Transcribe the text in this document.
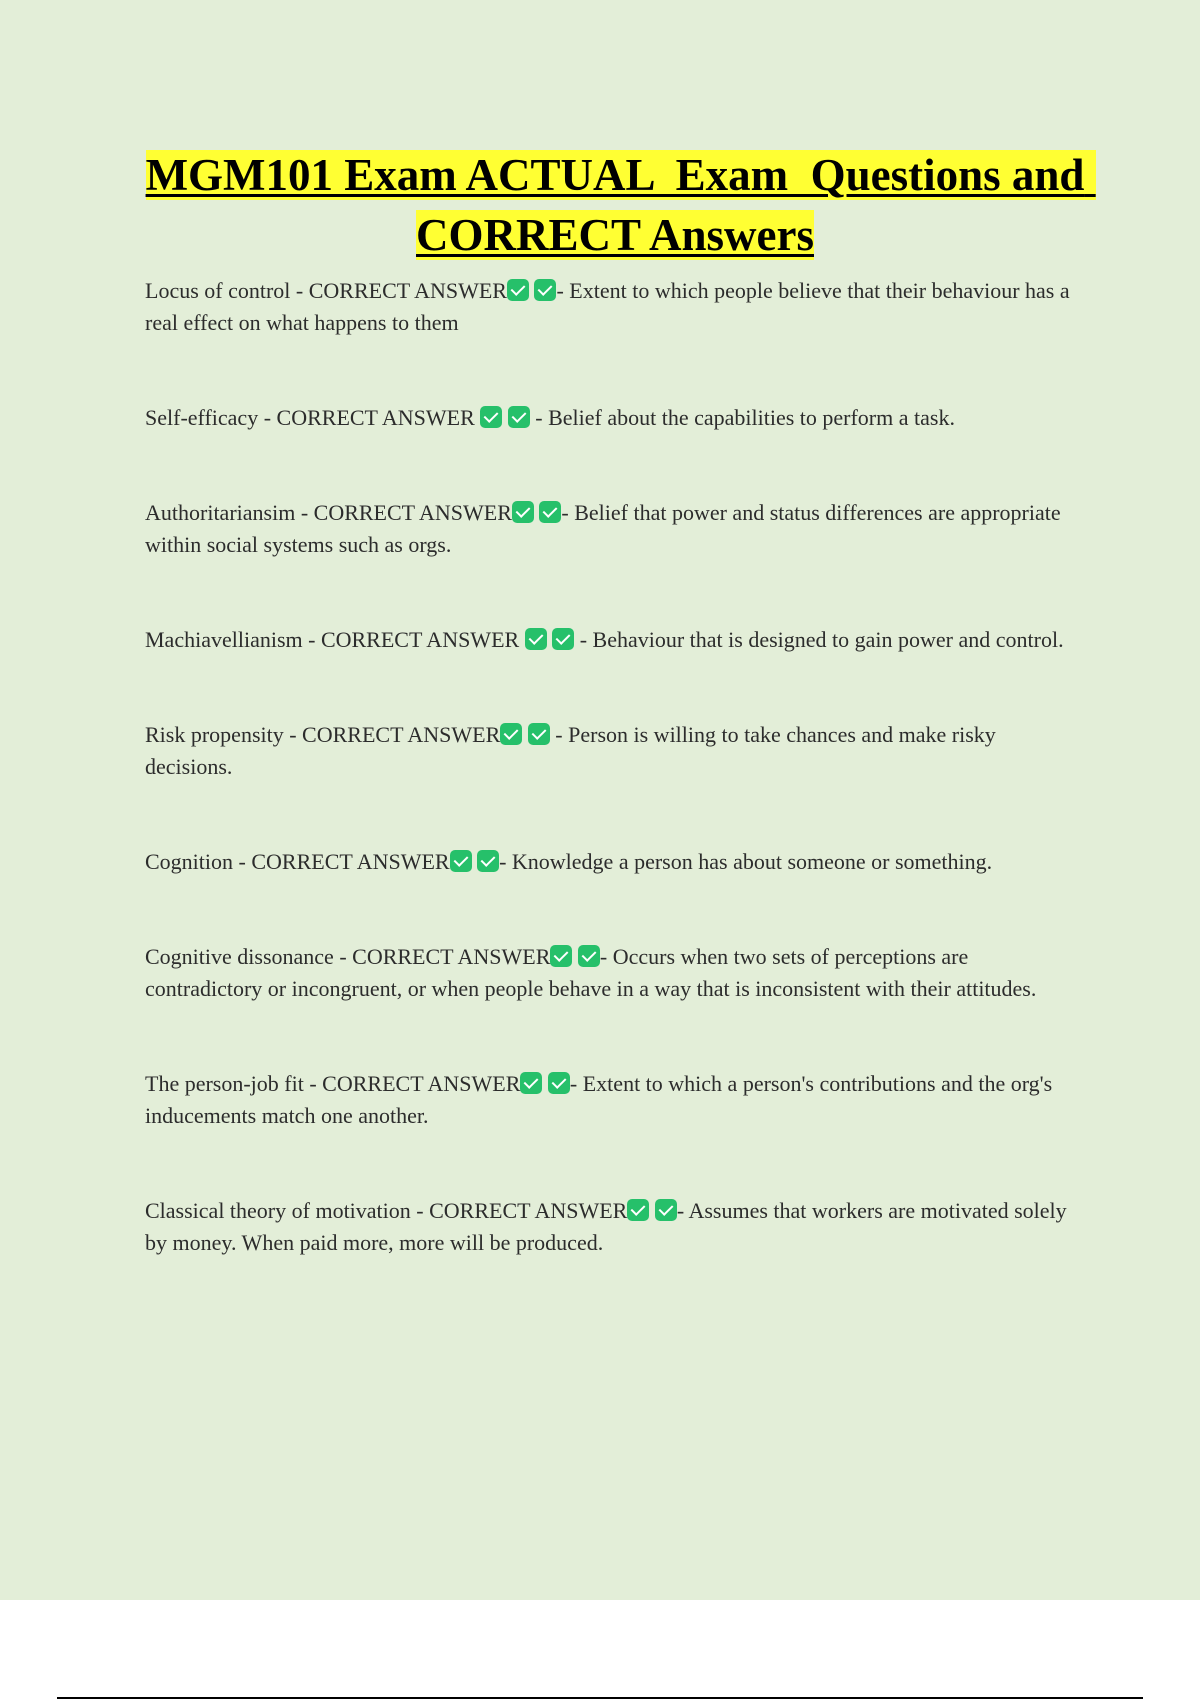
MGM101 Exam ACTUAL  Exam  Questions and CORRECT Answers
Locus of control - CORRECT ANSWER - Extent to which people believe that their behaviour has a real effect on what happens to them
Self-efficacy - CORRECT ANSWER	- Belief about the capabilities to perform a task.
Authoritariansim - CORRECT ANSWER - Belief that power and status differences are appropriate within social systems such as orgs.
Machiavellianism - CORRECT ANSWER	- Behaviour that is designed to gain power and control.
Risk propensity - CORRECT ANSWER	- Person is willing to take chances and make risky decisions.
Cognition - CORRECT ANSWER - Knowledge a person has about someone or something.
Cognitive dissonance - CORRECT ANSWER - Occurs when two sets of perceptions are contradictory or incongruent, or when people behave in a way that is inconsistent with their attitudes.
The person-job fit - CORRECT ANSWER - Extent to which a person's contributions and the org's inducements match one another.
Classical theory of motivation - CORRECT ANSWER - Assumes that workers are motivated solely by money. When paid more, more will be produced.
